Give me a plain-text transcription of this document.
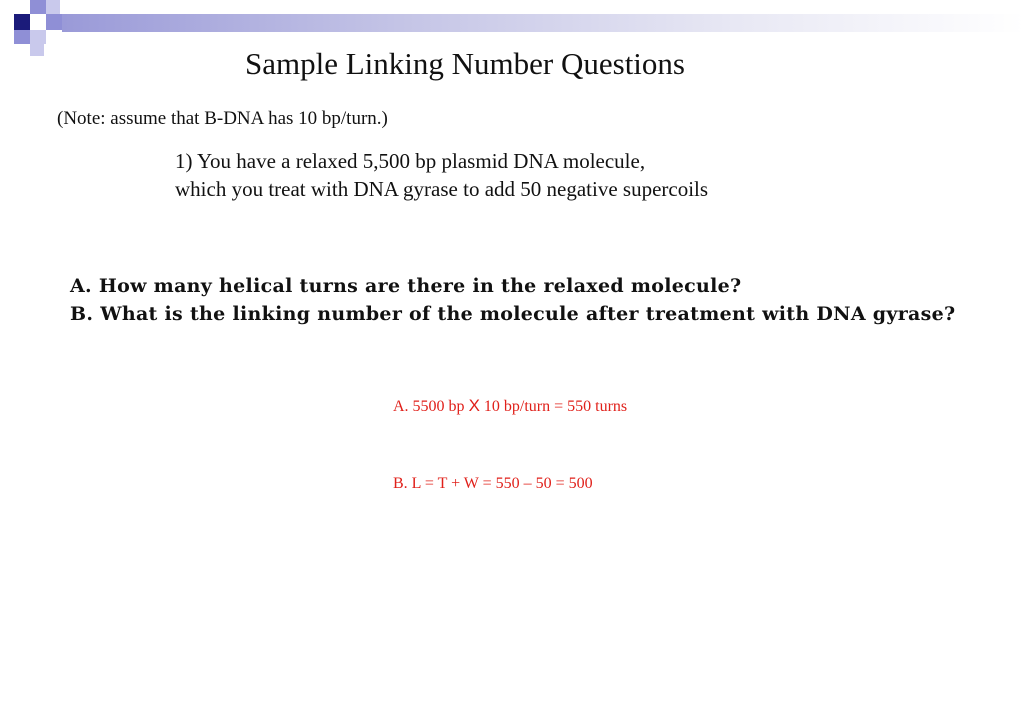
Sample Linking Number Questions
(Note: assume that B-DNA has 10 bp/turn.)
1) You have a relaxed 5,500 bp plasmid DNA molecule,
which you treat with DNA gyrase to add 50 negative supercoils
A. How many helical turns are there in the relaxed molecule?
B. What is the linking number of the molecule after treatment with DNA gyrase?
A. 5500 bp X 10 bp/turn = 550 turns
B. L = T + W = 550 – 50 = 500
